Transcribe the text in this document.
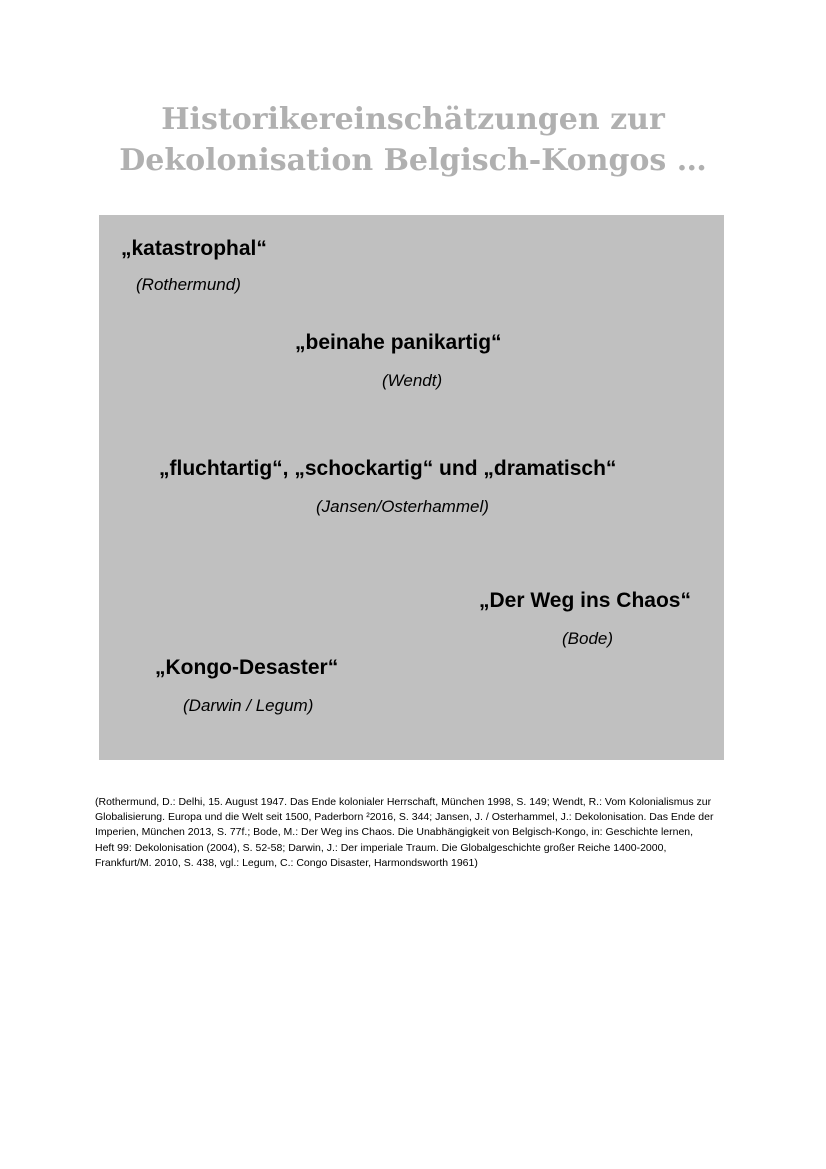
Historikereinschätzungen zur Dekolonisation Belgisch-Kongos …
„katastrophal“
(Rothermund)
„beinahe panikartig“
(Wendt)
„fluchtartig“, „schockartig“ und „dramatisch“
(Jansen/Osterhammel)
„Der Weg ins Chaos“
(Bode)
„Kongo-Desaster“
(Darwin / Legum)
(Rothermund, D.: Delhi, 15. August 1947. Das Ende kolonialer Herrschaft, München 1998, S. 149; Wendt, R.: Vom Kolonialismus zur Globalisierung. Europa und die Welt seit 1500, Paderborn ²2016, S. 344; Jansen, J. / Osterhammel, J.: Dekolonisation. Das Ende der Imperien, München 2013, S. 77f.; Bode, M.: Der Weg ins Chaos. Die Unabhängigkeit von Belgisch-Kongo, in: Geschichte lernen, Heft 99: Dekolonisation (2004), S. 52-58; Darwin, J.: Der imperiale Traum. Die Globalgeschichte großer Reiche 1400-2000, Frankfurt/M. 2010, S. 438, vgl.: Legum, C.: Congo Disaster, Harmondsworth 1961)
